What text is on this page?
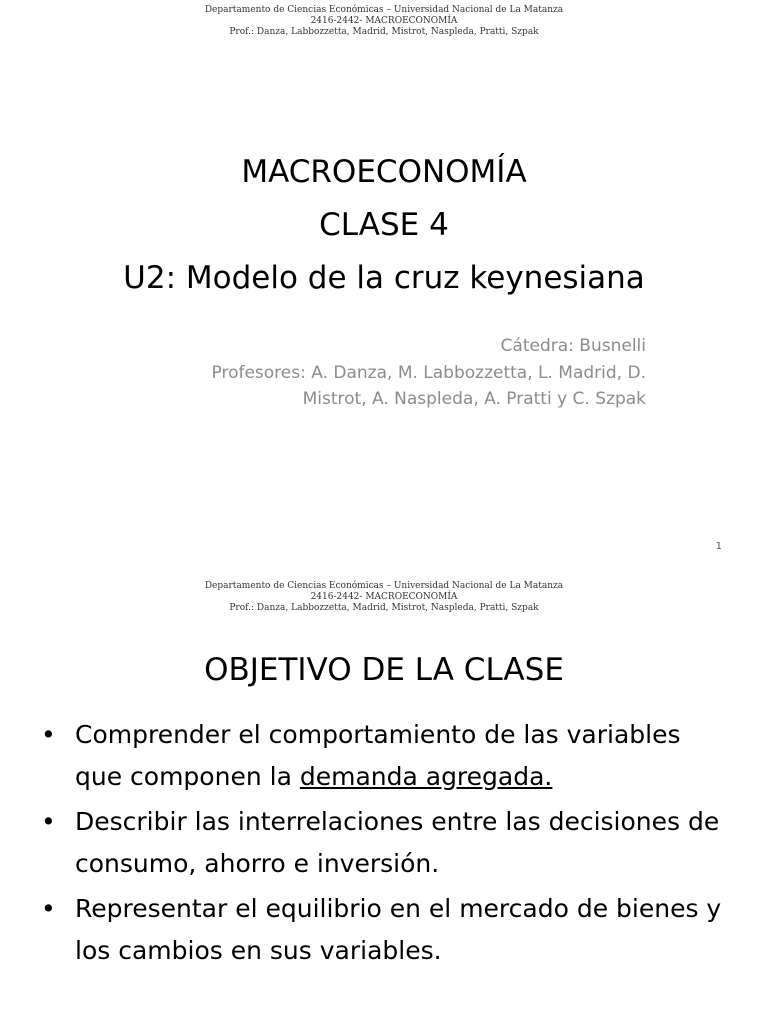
Departamento de Ciencias Económicas – Universidad Nacional de La Matanza
2416-2442- MACROECONOMÍA
Prof.: Danza, Labbozzetta, Madrid, Mistrot, Naspleda, Pratti, Szpak
MACROECONOMÍA
CLASE 4
U2: Modelo de la cruz keynesiana
Cátedra: Busnelli
Profesores: A. Danza, M. Labbozzetta, L. Madrid, D.
Mistrot, A. Naspleda, A. Pratti y C. Szpak
1
Departamento de Ciencias Económicas – Universidad Nacional de La Matanza
2416-2442- MACROECONOMÍA
Prof.: Danza, Labbozzetta, Madrid, Mistrot, Naspleda, Pratti, Szpak
OBJETIVO DE LA CLASE
• Comprender el comportamiento de las variables que componen la demanda agregada.
• Describir las interrelaciones entre las decisiones de consumo, ahorro e inversión.
• Representar el equilibrio en el mercado de bienes y los cambios en sus variables.
